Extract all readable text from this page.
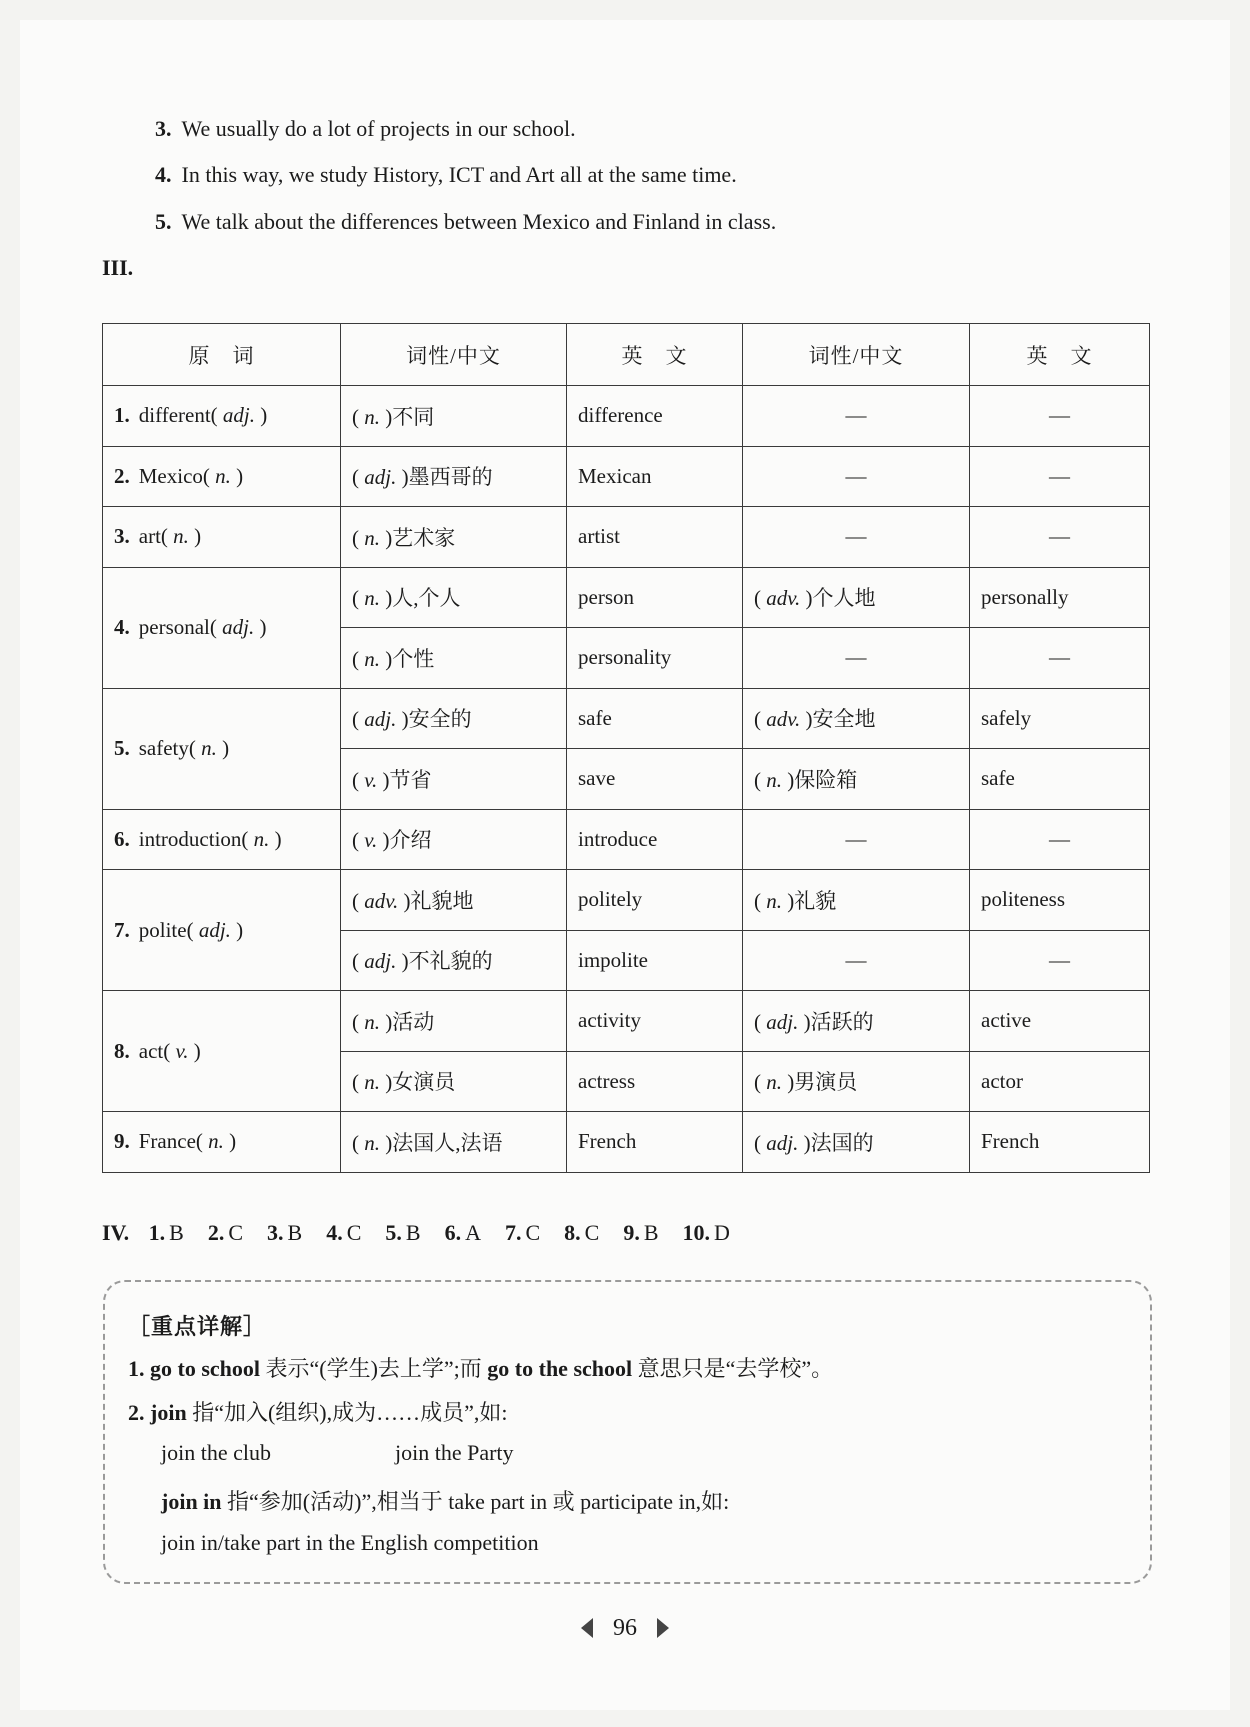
3. We usually do a lot of projects in our school.
4. In this way, we study History, ICT and Art all at the same time.
5. We talk about the differences between Mexico and Finland in class.
III.
原　词	词性/中文	英　文	词性/中文	英　文
1. different( adj. )	( n. )不同	difference	—	—
2. Mexico( n. )	( adj. )墨西哥的	Mexican	—	—
3. art( n. )	( n. )艺术家	artist	—	—
4. personal( adj. )	( n. )人,个人	person	( adv. )个人地	personally
	( n. )个性	personality	—	—
5. safety( n. )	( adj. )安全的	safe	( adv. )安全地	safely
	( v. )节省	save	( n. )保险箱	safe
6. introduction( n. )	( v. )介绍	introduce	—	—
7. polite( adj. )	( adv. )礼貌地	politely	( n. )礼貌	politeness
	( adj. )不礼貌的	impolite	—	—
8. act( v. )	( n. )活动	activity	( adj. )活跃的	active
	( n. )女演员	actress	( n. )男演员	actor
9. France( n. )	( n. )法国人,法语	French	( adj. )法国的	French
IV. 1. B 2. C 3. B 4. C 5. B 6. A 7. C 8. C 9. B 10. D
［重点详解］
1. go to school 表示“(学生)去上学”;而 go to the school 意思只是“去学校”。
2. join 指“加入(组织),成为……成员”,如:
join the club	join the Party
join in 指“参加(活动)”,相当于 take part in 或 participate in,如:
join in/take part in the English competition
96
